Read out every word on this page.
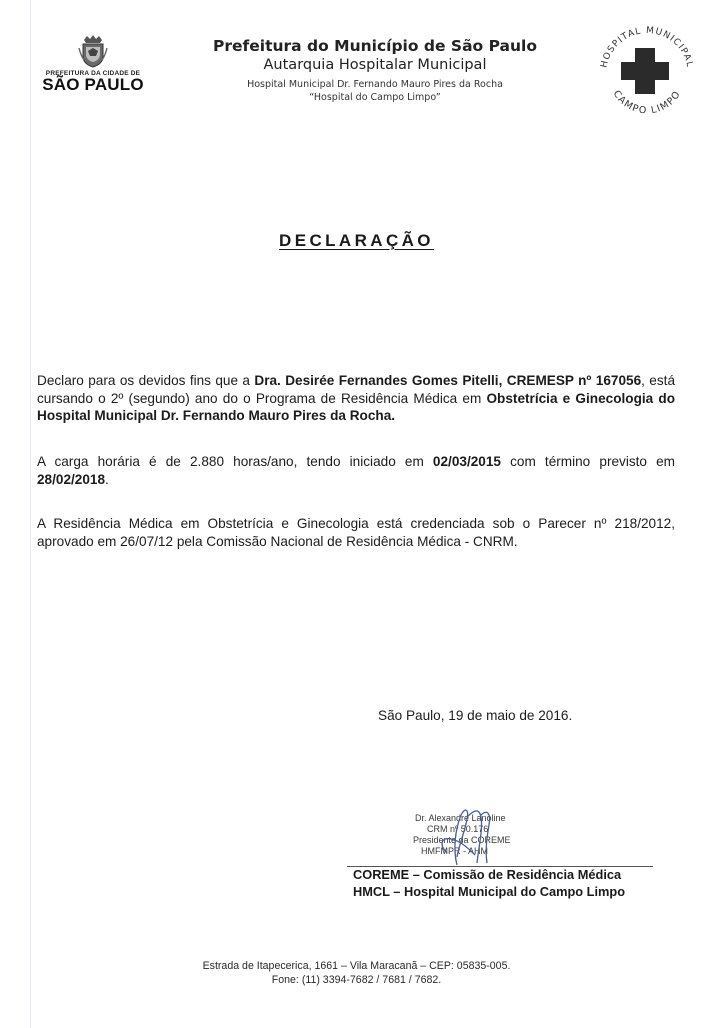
PREFEITURA DA CIDADE DE
SÃO PAULO
Prefeitura do Município de São Paulo
Autarquia Hospitalar Municipal
Hospital Municipal Dr. Fernando Mauro Pires da Rocha
“Hospital do Campo Limpo”
HOSPITAL MUNICIPAL
CAMPO LIMPO
DECLARAÇÃO
Declaro para os devidos fins que a Dra. Desirée Fernandes Gomes Pitelli, CREMESP nº 167056, está cursando o 2º (segundo) ano do o Programa de Residência Médica em Obstetrícia e Ginecologia do Hospital Municipal Dr. Fernando Mauro Pires da Rocha.
A carga horária é de 2.880 horas/ano, tendo iniciado em 02/03/2015 com término previsto em 28/02/2018.
A Residência Médica em Obstetrícia e Ginecologia está credenciada sob o Parecer nº 218/2012, aprovado em 26/07/12 pela Comissão Nacional de Residência Médica - CNRM.
São Paulo, 19 de maio de 2016.
Dr. Alexandre Lanoline
CRM nº 50.176
Presidente da COREME
HMFMPR - AHM
COREME – Comissão de Residência Médica
HMCL – Hospital Municipal do Campo Limpo
Estrada de Itapecerica, 1661 – Vila Maracanã – CEP: 05835-005.
Fone: (11) 3394-7682 / 7681 / 7682.
